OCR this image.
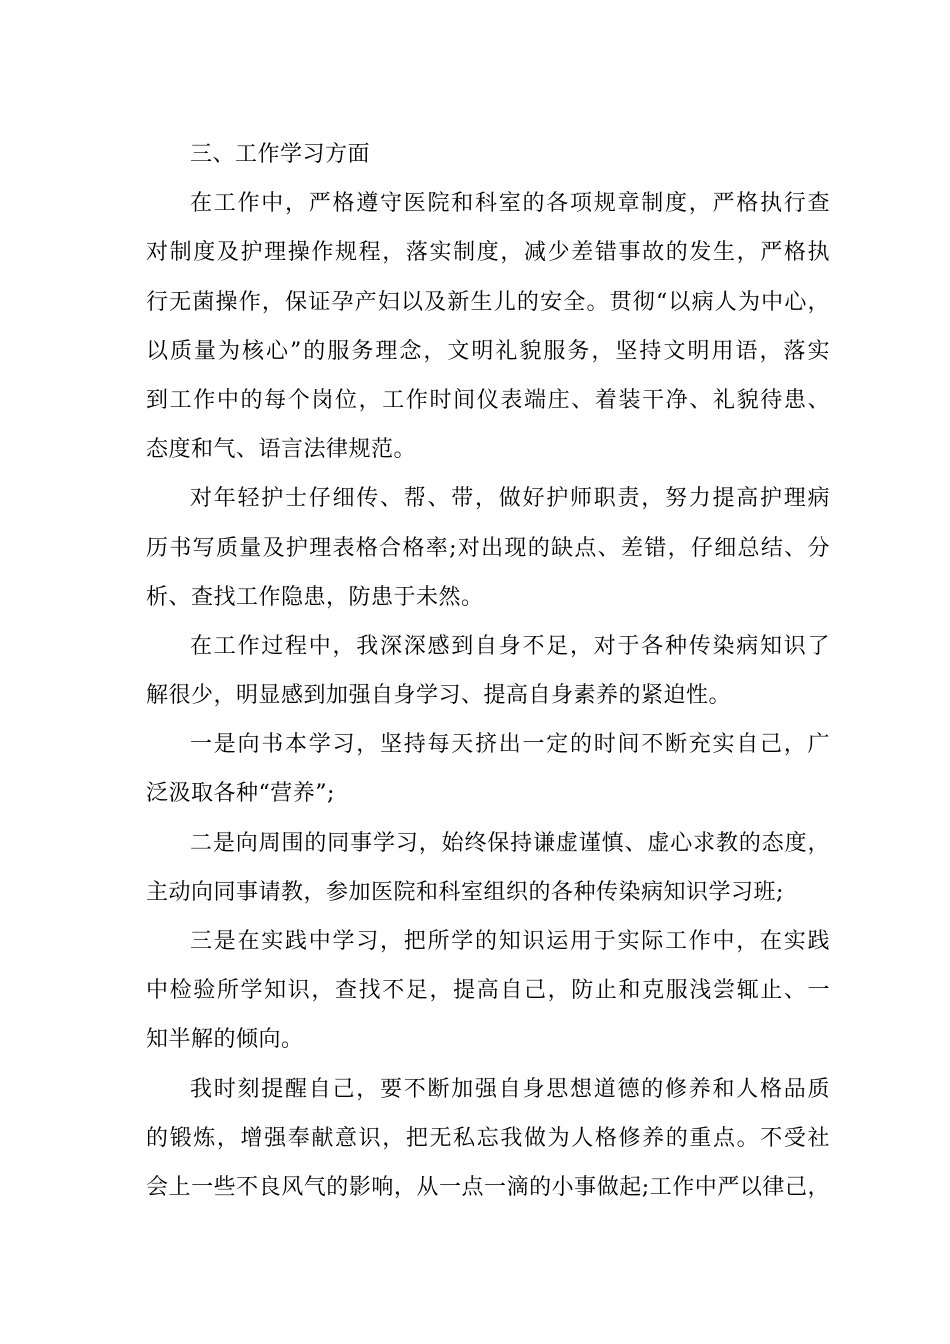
三、工作学习方面
在工作中，严格遵守医院和科室的各项规章制度，严格执行查
对制度及护理操作规程，落实制度，减少差错事故的发生，严格执
行无菌操作，保证孕产妇以及新生儿的安全。贯彻“以病人为中心，
以质量为核心”的服务理念，文明礼貌服务，坚持文明用语，落实
到工作中的每个岗位，工作时间仪表端庄、着装干净、礼貌待患、
态度和气、语言法律规范。
对年轻护士仔细传、帮、带，做好护师职责，努力提高护理病
历书写质量及护理表格合格率;对出现的缺点、差错，仔细总结、分
析、查找工作隐患，防患于未然。
在工作过程中，我深深感到自身不足，对于各种传染病知识了
解很少，明显感到加强自身学习、提高自身素养的紧迫性。
一是向书本学习，坚持每天挤出一定的时间不断充实自己，广
泛汲取各种“营养”;
二是向周围的同事学习，始终保持谦虚谨慎、虚心求教的态度，
主动向同事请教，参加医院和科室组织的各种传染病知识学习班;
三是在实践中学习，把所学的知识运用于实际工作中，在实践
中检验所学知识，查找不足，提高自己，防止和克服浅尝辄止、一
知半解的倾向。
我时刻提醒自己，要不断加强自身思想道德的修养和人格品质
的锻炼，增强奉献意识，把无私忘我做为人格修养的重点。不受社
会上一些不良风气的影响，从一点一滴的小事做起;工作中严以律己，
